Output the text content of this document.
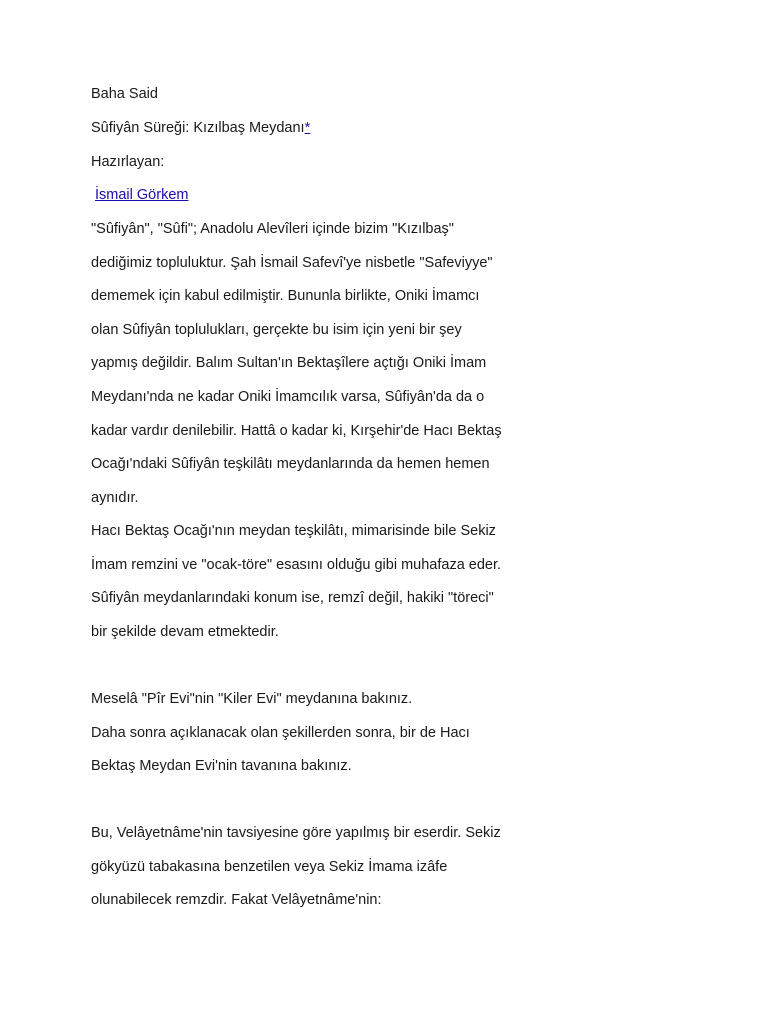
Baha Said
Sûfiyân Süreği: Kızılbaş Meydanı*
Hazırlayan:
İsmail Görkem
"Sûfiyân", "Sûfi"; Anadolu Alevîleri içinde bizim "Kızılbaş"
dediğimiz topluluktur. Şah İsmail Safevî'ye nisbetle "Safeviyye"
dememek için kabul edilmiştir. Bununla birlikte, Oniki İmamcı
olan Sûfiyân toplulukları, gerçekte bu isim için yeni bir şey
yapmış değildir. Balım Sultan'ın Bektaşîlere açtığı Oniki İmam
Meydanı'nda ne kadar Oniki İmamcılık varsa, Sûfiyân'da da o
kadar vardır denilebilir. Hattâ o kadar ki, Kırşehir'de Hacı Bektaş
Ocağı'ndaki Sûfiyân teşkilâtı meydanlarında da hemen hemen
aynıdır.
Hacı Bektaş Ocağı'nın meydan teşkilâtı, mimarisinde bile Sekiz
İmam remzini ve "ocak-töre" esasını olduğu gibi muhafaza eder.
Sûfiyân meydanlarındaki konum ise, remzî değil, hakiki "töreci"
bir şekilde devam etmektedir.
Meselâ "Pîr Evi"nin "Kiler Evi" meydanına bakınız.
Daha sonra açıklanacak olan şekillerden sonra, bir de Hacı
Bektaş Meydan Evi'nin tavanına bakınız.
Bu, Velâyetnâme'nin tavsiyesine göre yapılmış bir eserdir. Sekiz
gökyüzü tabakasına benzetilen veya Sekiz İmama izâfe
olunabilecek remzdir. Fakat Velâyetnâme'nin:
